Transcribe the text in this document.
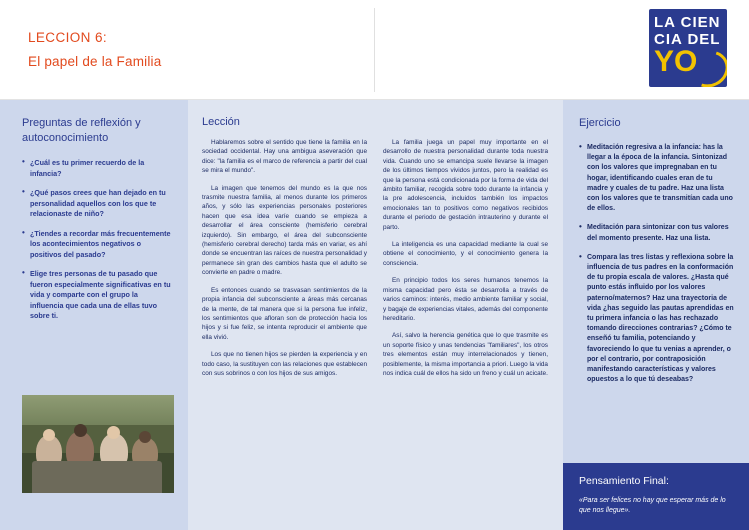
LECCION 6:

El papel de la Familia

LA CIEN
CIA DEL
YO
Preguntas de reflexión y autoconocimiento
• ¿Cuál es tu primer recuerdo de la infancia?
• ¿Qué pasos crees que han dejado en tu personalidad aquellos con los que te relacionaste de niño?
• ¿Tiendes a recordar más frecuentemente los acontecimientos negativos o positivos del pasado?
• Elige tres personas de tu pasado que fueron especialmente significativas en tu vida y comparte con el grupo la influencia que cada una de ellas tuvo sobre ti.
Lección

Hablaremos sobre el sentido que tiene la familia en la sociedad occidental. Hay una ambigua aseveración que dice: "la familia es el marco de referencia a partir del cual se mira el mundo".

La imagen que tenemos del mundo es la que nos trasmite nuestra familia, al menos durante los primeros años, y sólo las experiencias personales posteriores hacen que esa idea varíe cuando se empieza a desarrollar el área consciente (hemisferio cerebral izquierdo). Sin embargo, el área del subconsciente (hemisferio cerebral derecho) tarda más en variar, es ahí donde se encuentran las raíces de nuestra personalidad y permanece sin gran des cambios hasta que el adulto se convierte en padre o madre.

Es entonces cuando se trasvasan sentimientos de la propia infancia del subconsciente a áreas más cercanas de la mente, de tal manera que si la persona fue infeliz, los sentimientos que afloran son de protección hacia los hijos y si fue feliz, se intenta reproducir el ambiente que ella vivió.

Los que no tienen hijos se pierden la experiencia y en todo caso, la sustituyen con las relaciones que establecen con sus sobrinos o con los hijos de sus amigos.

La familia juega un papel muy importante en el desarrollo de nuestra personalidad durante toda nuestra vida. Cuando uno se emancipa suele llevarse la imagen de los últimos tiempos vividos juntos, pero la realidad es que la persona está condicionada por la forma de vida del ámbito familiar, recogida sobre todo durante la infancia y la pre adolescencia, incluidos también los impactos emocionales tan to positivos como negativos recibidos durante el periodo de gestación intrauterino y durante el parto.

La inteligencia es una capacidad mediante la cual se obtiene el conocimiento, y el conocimiento genera la consciencia.

En principio todos los seres humanos tenemos la misma capacidad pero ésta se desarrolla a través de varios caminos: interés, medio ambiente familiar y social, y bagaje de experiencias vitales, además del componente hereditario.

Así, salvo la herencia genética que lo que trasmite es un soporte físico y unas tendencias "familiares", los otros tres elementos están muy interrelacionados y tienen, posiblemente, la misma importancia a priori. Luego la vida nos indica cuál de ellos ha sido un freno y cuál un acicate.

Ejercicio
• Meditación regresiva a la infancia: has la llegar a la época de la infancia. Sintonizad con los valores que impregnaban en tu hogar, identificando cuales eran de tu madre y cuales de tu padre. Haz una lista con los valores que te transmitían cada uno de ellos.
• Meditación para sintonizar con tus valores del momento presente. Haz una lista.
• Compara las tres listas y reflexiona sobre la influencia de tus padres en la conformación de tu propia escala de valores. ¿Hasta qué punto estás influido por los valores paterno/maternos? Haz una trayectoria de vida ¿has seguido las pautas aprendidas en tu primera infancia o las has rechazado tomando direcciones contrarias? ¿Cómo te enseñó tu familia, potenciando y favoreciendo lo que tu venias a aprender, o por el contrario, por contraposición manifestando características y valores opuestos a lo que tú deseabas?

Pensamiento Final:

«Para ser felices no hay que esperar más de lo que nos llegue».
